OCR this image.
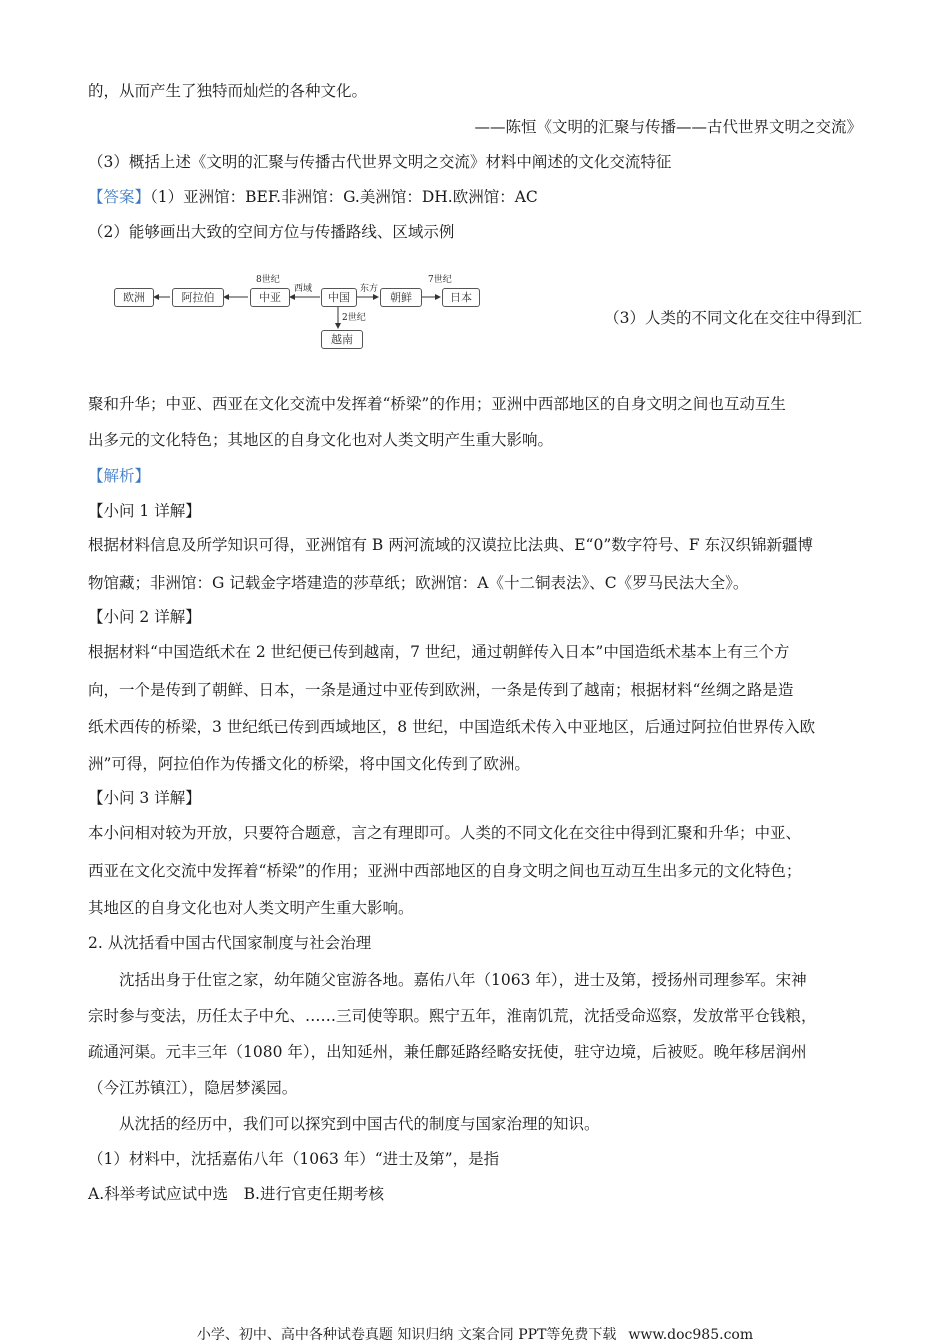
的，从而产生了独特而灿烂的各种文化。
——陈恒《文明的汇聚与传播——古代世界文明之交流》
（3）概括上述《文明的汇聚与传播古代世界文明之交流》材料中阐述的文化交流特征
【答案】（1）亚洲馆：BEF.非洲馆：G.美洲馆：DH.欧洲馆：AC
（2）能够画出大致的空间方位与传播路线、区域示例
欧洲	阿拉伯	中亚	中国	朝鲜	日本
越南
8世纪
西域	东方
7世纪
2世纪	（3）人类的不同文化在交往中得到汇
聚和升华；中亚、西亚在文化交流中发挥着“桥梁”的作用；亚洲中西部地区的自身文明之间也互动互生
出多元的文化特色；其地区的自身文化也对人类文明产生重大影响。
【解析】
【小问 1 详解】
根据材料信息及所学知识可得，亚洲馆有 B 两河流域的汉谟拉比法典、E“0”数字符号、F 东汉织锦新疆博
物馆藏；非洲馆：G 记载金字塔建造的莎草纸；欧洲馆：A《十二铜表法》、C《罗马民法大全》。
【小问 2 详解】
根据材料“中国造纸术在 2 世纪便已传到越南，7 世纪，通过朝鲜传入日本”中国造纸术基本上有三个方
向，一个是传到了朝鲜、日本，一条是通过中亚传到欧洲，一条是传到了越南；根据材料“丝绸之路是造
纸术西传的桥梁，3 世纪纸已传到西域地区，8 世纪，中国造纸术传入中亚地区，后通过阿拉伯世界传入欧
洲”可得，阿拉伯作为传播文化的桥梁，将中国文化传到了欧洲。
【小问 3 详解】
本小问相对较为开放，只要符合题意，言之有理即可。人类的不同文化在交往中得到汇聚和升华；中亚、
西亚在文化交流中发挥着“桥梁”的作用；亚洲中西部地区的自身文明之间也互动互生出多元的文化特色；
其地区的自身文化也对人类文明产生重大影响。
2. 从沈括看中国古代国家制度与社会治理
沈括出身于仕宦之家，幼年随父宦游各地。嘉佑八年（1063 年），进士及第，授扬州司理参军。宋神
宗时参与变法，历任太子中允、……三司使等职。熙宁五年，淮南饥荒，沈括受命巡察，发放常平仓钱粮，
疏通河渠。元丰三年（1080 年），出知延州，兼任鄜延路经略安抚使，驻守边境，后被贬。晚年移居润州
（今江苏镇江），隐居梦溪园。
从沈括的经历中，我们可以探究到中国古代的制度与国家治理的知识。
（1）材料中，沈括嘉佑八年（1063 年）“进士及第”，是指
A.科举考试应试中选　B.进行官吏任期考核
小学、初中、高中各种试卷真题 知识归纳 文案合同 PPT等免费下载 www.doc985.com
